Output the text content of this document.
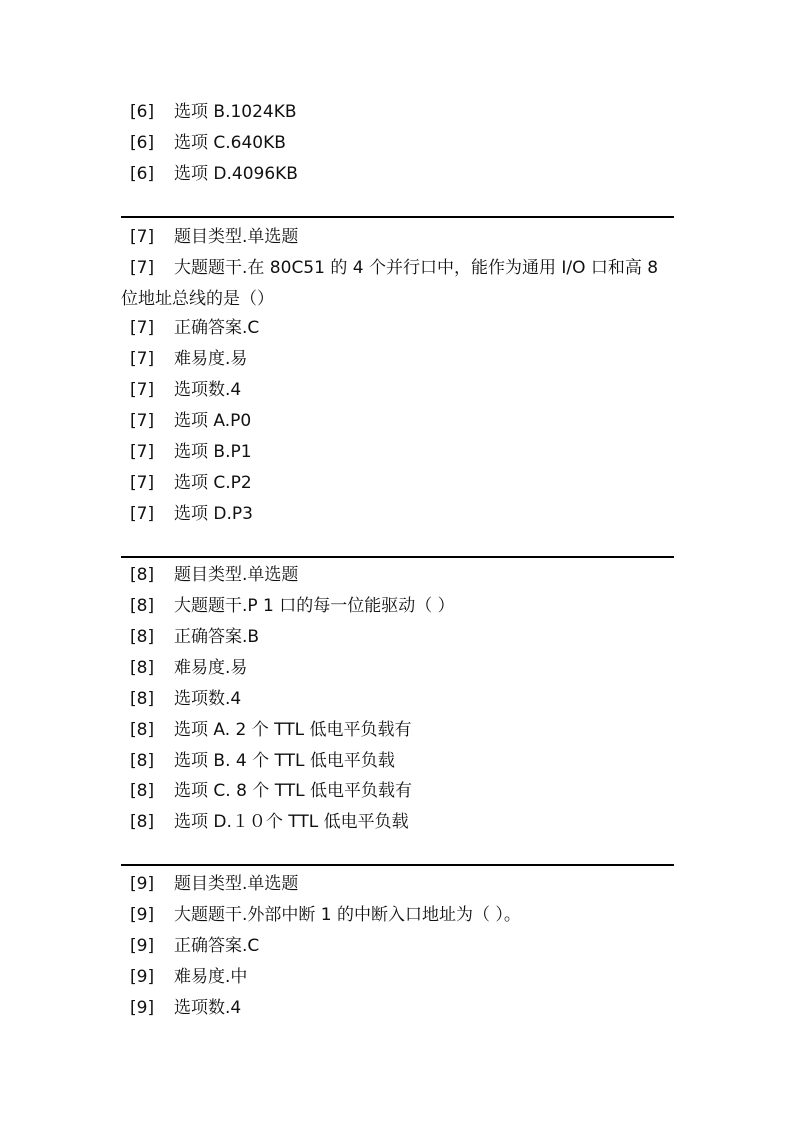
[6] 选项 B.1024KB
[6] 选项 C.640KB
[6] 选项 D.4096KB
[7] 题目类型.单选题
[7] 大题题干.在 80C51 的 4 个并行口中，能作为通用 I/O 口和高 8
位地址总线的是（）
[7] 正确答案.C
[7] 难易度.易
[7] 选项数.4
[7] 选项 A.P0
[7] 选项 B.P1
[7] 选项 C.P2
[7] 选项 D.P3
[8] 题目类型.单选题
[8] 大题题干.P 1 口的每一位能驱动（ ）
[8] 正确答案.B
[8] 难易度.易
[8] 选项数.4
[8] 选项 A. 2 个 TTL 低电平负载有
[8] 选项 B. 4 个 TTL 低电平负载
[8] 选项 C. 8 个 TTL 低电平负载有
[8] 选项 D.１０个 TTL 低电平负载
[9] 题目类型.单选题
[9] 大题题干.外部中断 1 的中断入口地址为（ ）。
[9] 正确答案.C
[9] 难易度.中
[9] 选项数.4
